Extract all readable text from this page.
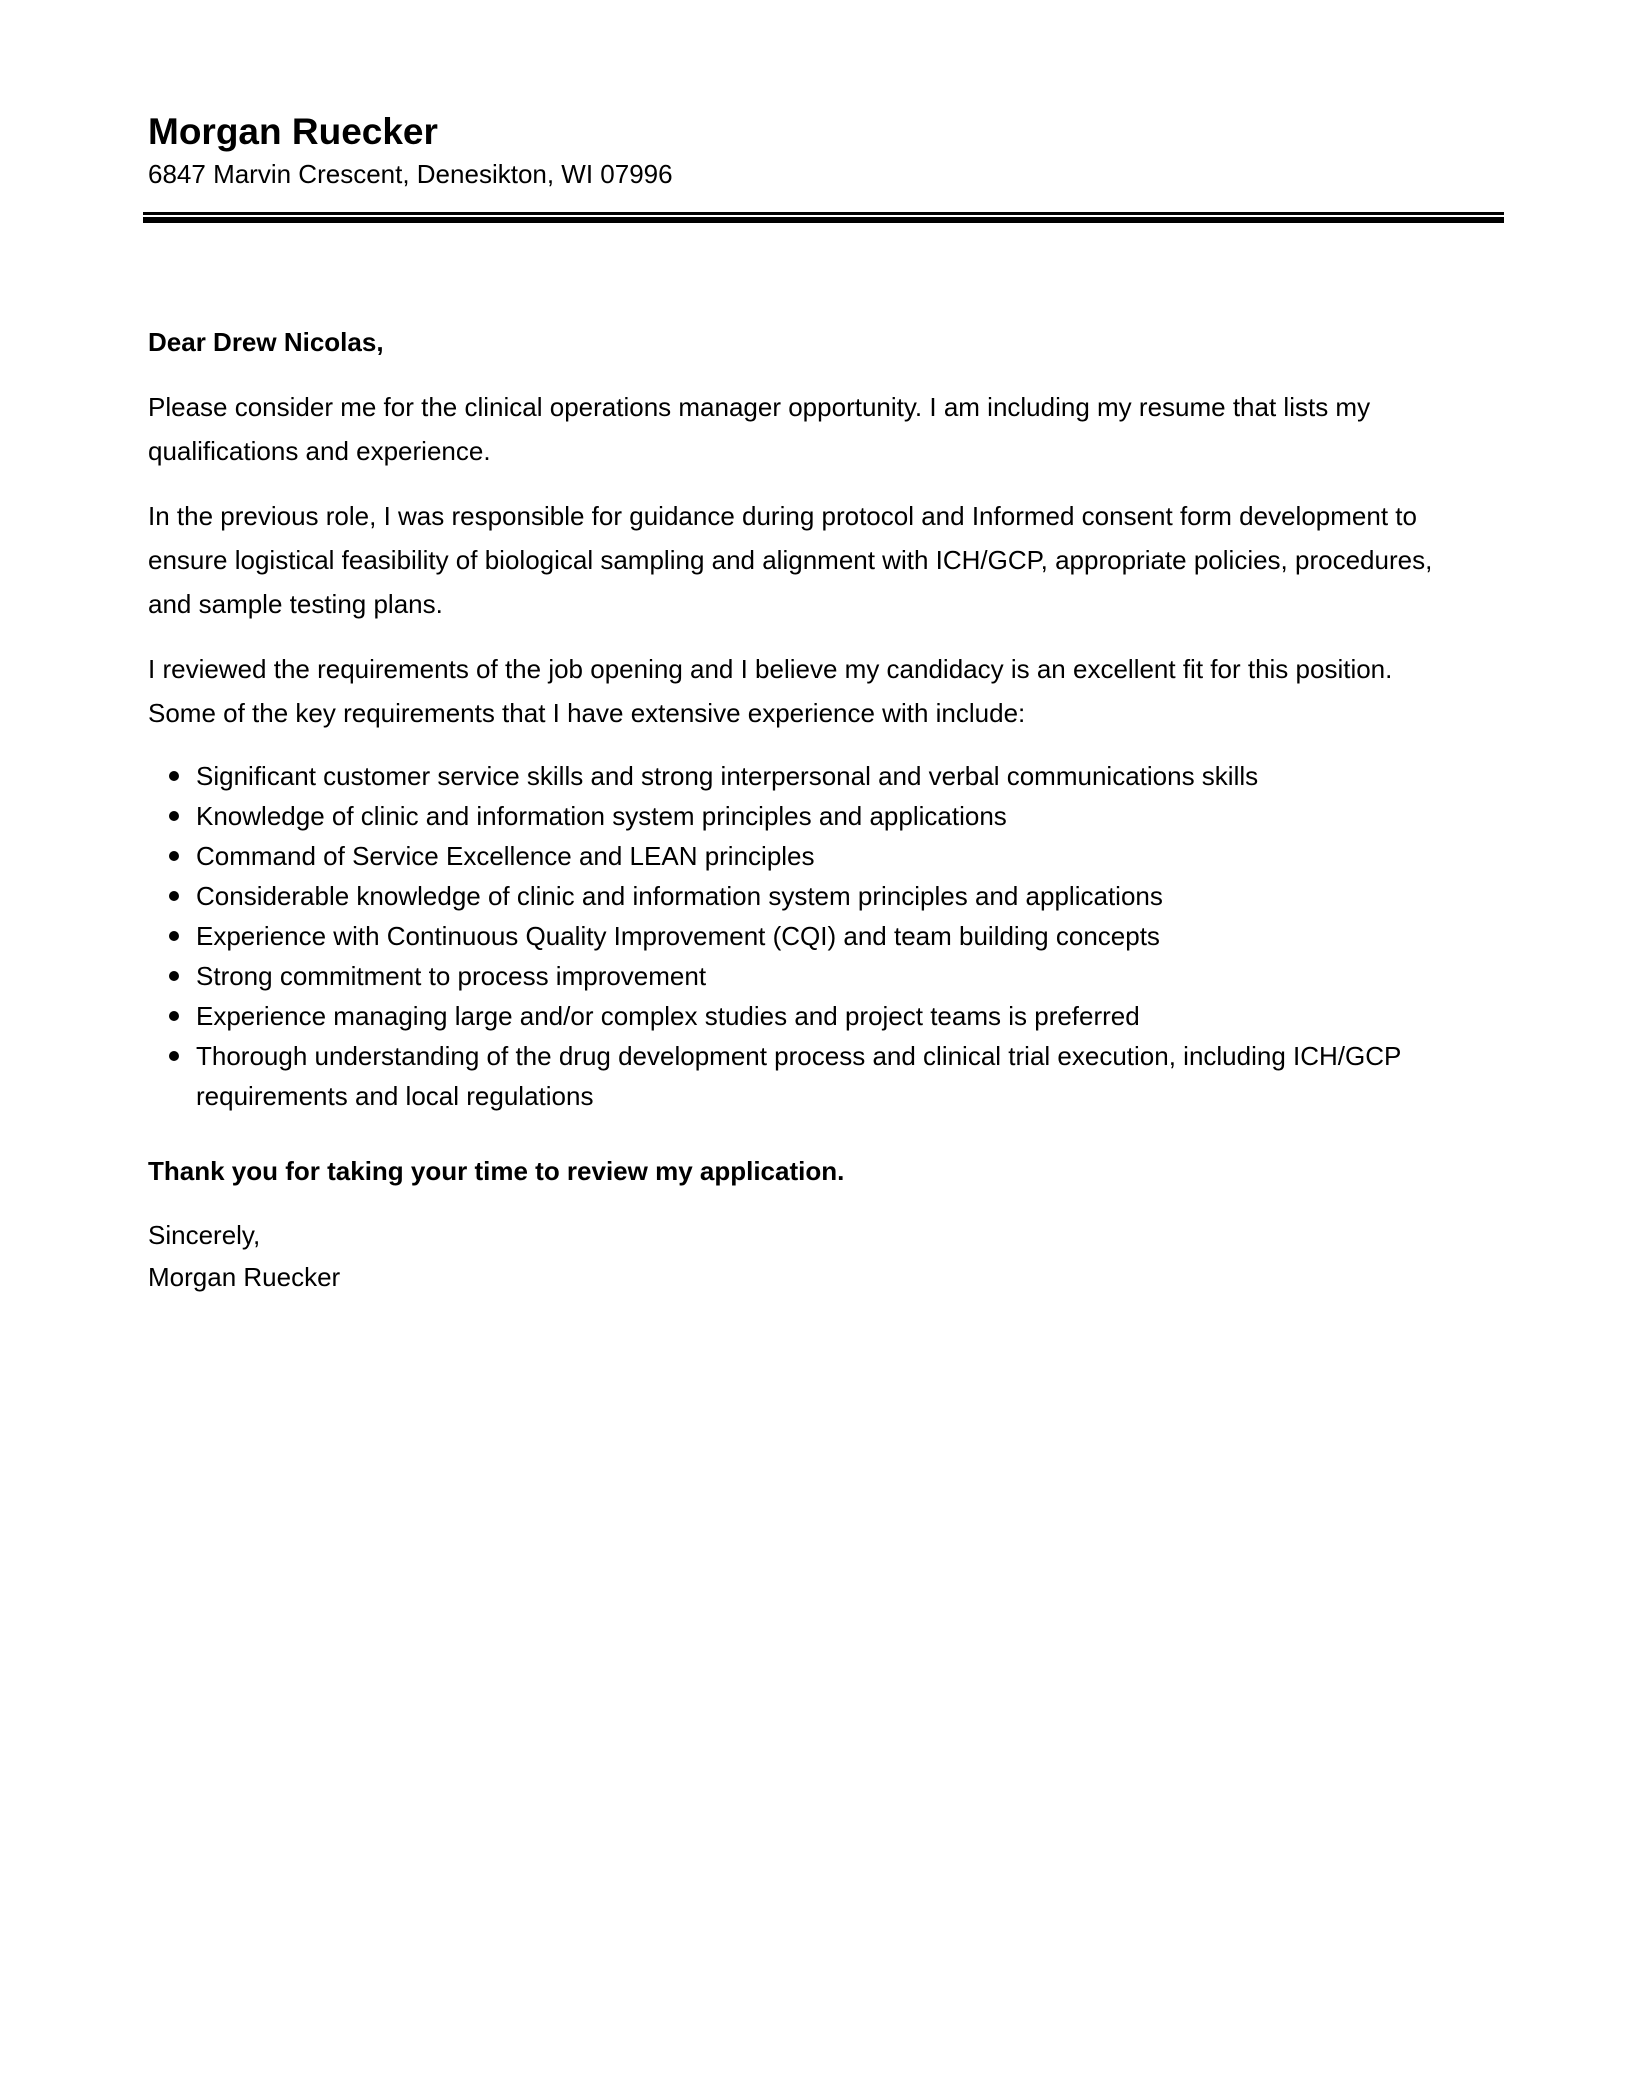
Morgan Ruecker

6847 Marvin Crescent, Denesikton, WI 07996

Dear Drew Nicolas,

Please consider me for the clinical operations manager opportunity. I am including my resume that lists my qualifications and experience.

In the previous role, I was responsible for guidance during protocol and Informed consent form development to ensure logistical feasibility of biological sampling and alignment with ICH/GCP, appropriate policies, procedures, and sample testing plans.

I reviewed the requirements of the job opening and I believe my candidacy is an excellent fit for this position. Some of the key requirements that I have extensive experience with include:

Significant customer service skills and strong interpersonal and verbal communications skills
Knowledge of clinic and information system principles and applications
Command of Service Excellence and LEAN principles
Considerable knowledge of clinic and information system principles and applications
Experience with Continuous Quality Improvement (CQI) and team building concepts
Strong commitment to process improvement
Experience managing large and/or complex studies and project teams is preferred
Thorough understanding of the drug development process and clinical trial execution, including ICH/GCP requirements and local regulations

Thank you for taking your time to review my application.

Sincerely,
Morgan Ruecker
